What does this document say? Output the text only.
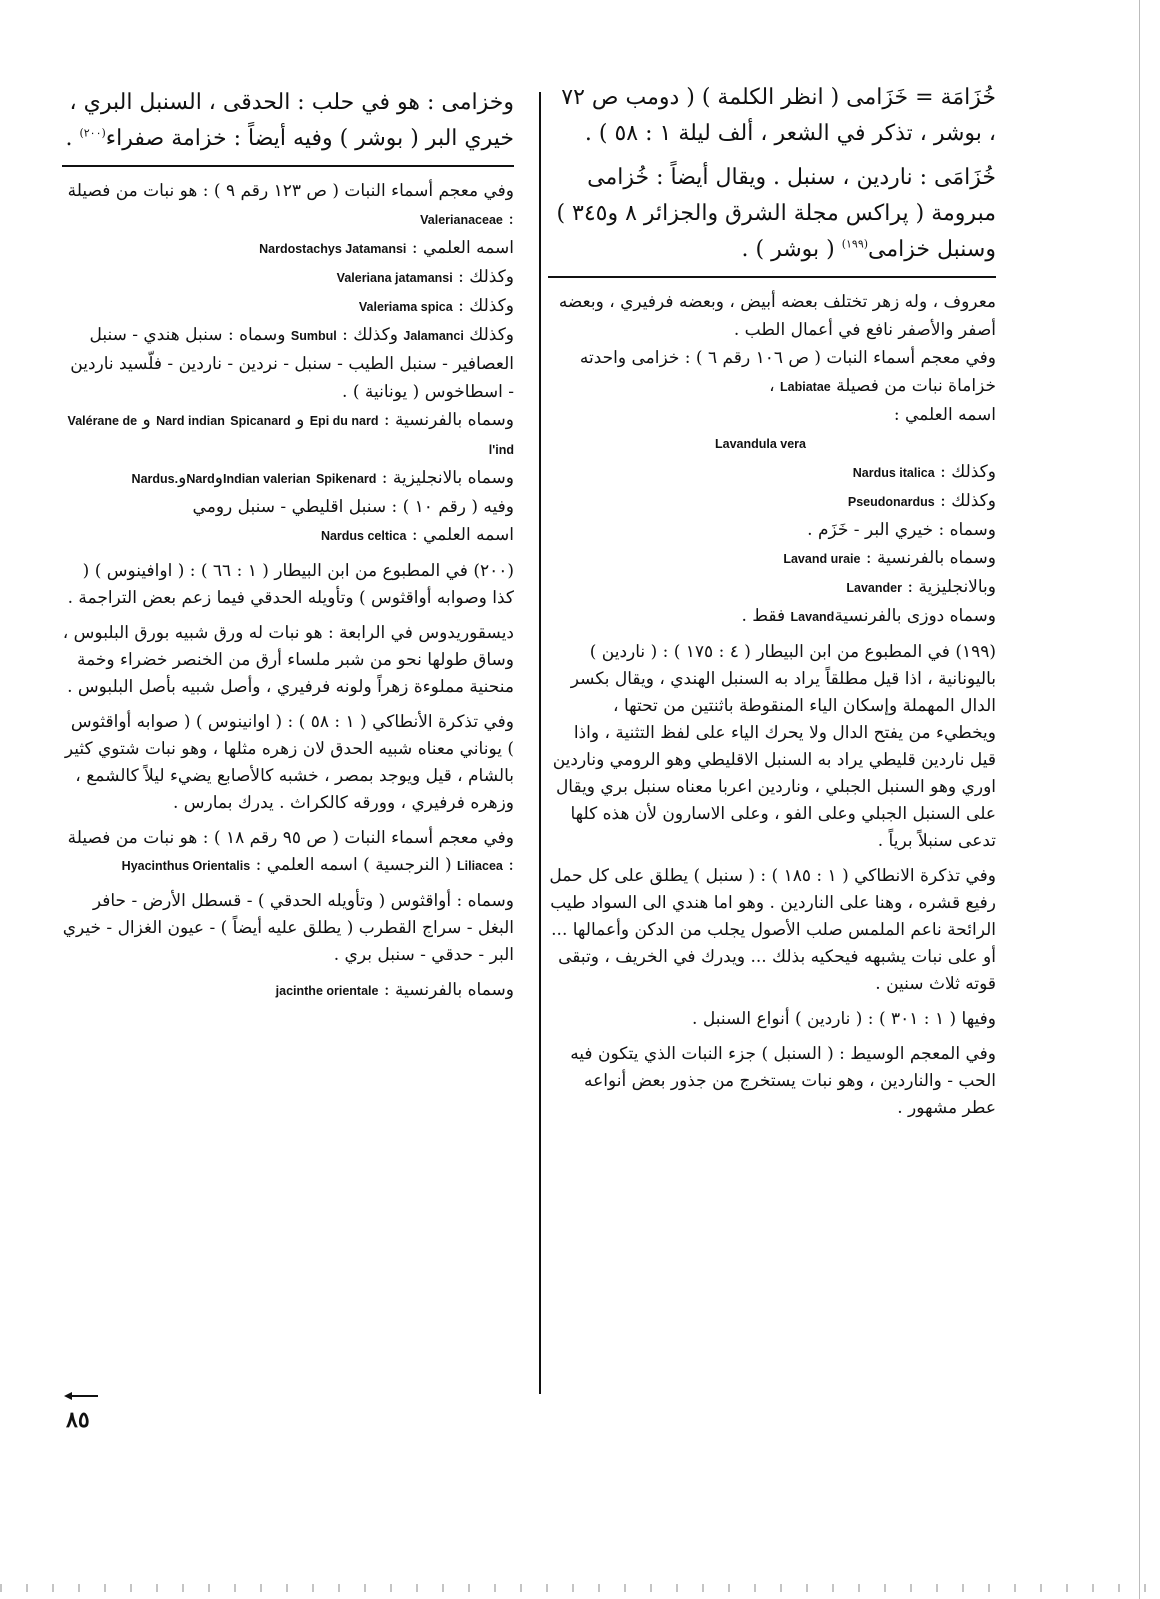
خُزَامَة = خَزَامى ( انظر الكلمة ) ( دومب ص ٧٢ ، بوشر ، تذكر في الشعر ، ألف ليلة ١ : ٥٨ ) .
خُزَامَى : ناردين ، سنبل . ويقال أيضاً : خُزامى مبرومة ( پراكس مجلة الشرق والجزائر ٨ و٣٤٥ ) وسنبل خزامى$^{(١٩٩)}$ ( بوشر ) .
معروف ، وله زهر تختلف بعضه أبيض ، وبعضه فرفيري ، وبعضه أصفر والأصفر نافع في أعمال الطب .
وفي معجم أسماء النبات ( ص ١٠٦ رقم ٦ ) : خزامى واحدته خزاماة نبات من فصيلة Labiatae ،
اسمه العلمي :
Lavandula vera
وكذلك : Nardus italica
وكذلك : Pseudonardus
وسماه : خيري البر - خَزَم .
وسماه بالفرنسية : Lavand uraie
وبالانجليزية : Lavander
وسماه دوزى بالفرنسيةLavand فقط .
(١٩٩) في المطبوع من ابن البيطار ( ٤ : ١٧٥ ) : ( ناردين ) باليونانية ، اذا قيل مطلقاً يراد به السنبل الهندي ، ويقال بكسر الدال المهملة وإسكان الياء المنقوطة باثنتين من تحتها ، ويخطيء من يفتح الدال ولا يحرك الياء على لفظ التثنية ، واذا قيل ناردين قليطي يراد به السنبل الاقليطي وهو الرومي وناردين اوري وهو السنبل الجبلي ، وناردين اعربا معناه سنبل بري ويقال على السنبل الجبلي وعلى الفو ، وعلى الاسارون لأن هذه كلها تدعى سنبلاً برياً .
وفي تذكرة الانطاكي ( ١ : ١٨٥ ) : ( سنبل ) يطلق على كل حمل رفيع قشره ، وهنا على الناردين . وهو اما هندي الى السواد طيب الرائحة ناعم الملمس صلب الأصول يجلب من الدكن وأعمالها ... أو على نبات يشبهه فيحكيه بذلك ... ويدرك في الخريف ، وتبقى قوته ثلاث سنين .
وفيها ( ١ : ٣٠١ ) : ( ناردين ) أنواع السنبل .
وفي المعجم الوسيط : ( السنبل ) جزء النبات الذي يتكون فيه الحب - والناردين ، وهو نبات يستخرج من جذور بعض أنواعه عطر مشهور .
وخزامى : هو في حلب : الحدقى ، السنبل البري ، خيري البر ( بوشر ) وفيه أيضاً : خزامة صفراء$^{(٢٠٠)}$ .
وفي معجم أسماء النبات ( ص ١٢٣ رقم ٩ ) : هو نبات من فصيلة : Valerianaceae
اسمه العلمي : Nardostachys Jatamansi
وكذلك : Valeriana jatamansi
وكذلك : Valeriama spica
وكذلك Jalamanci وكذلك : Sumbul وسماه : سنبل هندي - سنبل العصافير - سنبل الطيب - سنبل - نردين - ناردين - فلّسيد ناردين - اسطاخوس ( يونانية ) .
وسماه بالفرنسية : Epi du nard و Spicanard Nard indian و Valérane de l'ind
وسماه بالانجليزية : Spikenard Indian valerianوNardوNardus.
وفيه ( رقم ١٠ ) : سنبل اقليطي - سنبل رومي
اسمه العلمي : Nardus celtica
(٢٠٠) في المطبوع من ابن البيطار ( ١ : ٦٦ ) : ( اوافينوس ) ( كذا وصوابه أواقثوس ) وتأويله الحدقي فيما زعم بعض التراجمة .
ديسقوريدوس في الرابعة : هو نبات له ورق شبيه بورق البلبوس ، وساق طولها نحو من شبر ملساء أرق من الخنصر خضراء وخمة منحنية مملوءة زهراً ولونه فرفيري ، وأصل شبيه بأصل البلبوس .
وفي تذكرة الأنطاكي ( ١ : ٥٨ ) : ( اوانينوس ) ( صوابه أواقثوس ) يوناني معناه شبيه الحدق لان زهره مثلها ، وهو نبات شتوي كثير بالشام ، قيل ويوجد بمصر ، خشبه كالأصابع يضيء ليلاً كالشمع ، وزهره فرفيري ، وورقه كالكراث . يدرك بمارس .
وفي معجم أسماء النبات ( ص ٩٥ رقم ١٨ ) : هو نبات من فصيلة : Liliacea ( النرجسية ) اسمه العلمي : Hyacinthus Orientalis
وسماه : أواقثوس ( وتأويله الحدقي ) - قسطل الأرض - حافر البغل - سراج القطرب ( يطلق عليه أيضاً ) - عيون الغزال - خيري البر - حدقي - سنبل بري .
وسماه بالفرنسية : jacinthe orientale
٨٥
